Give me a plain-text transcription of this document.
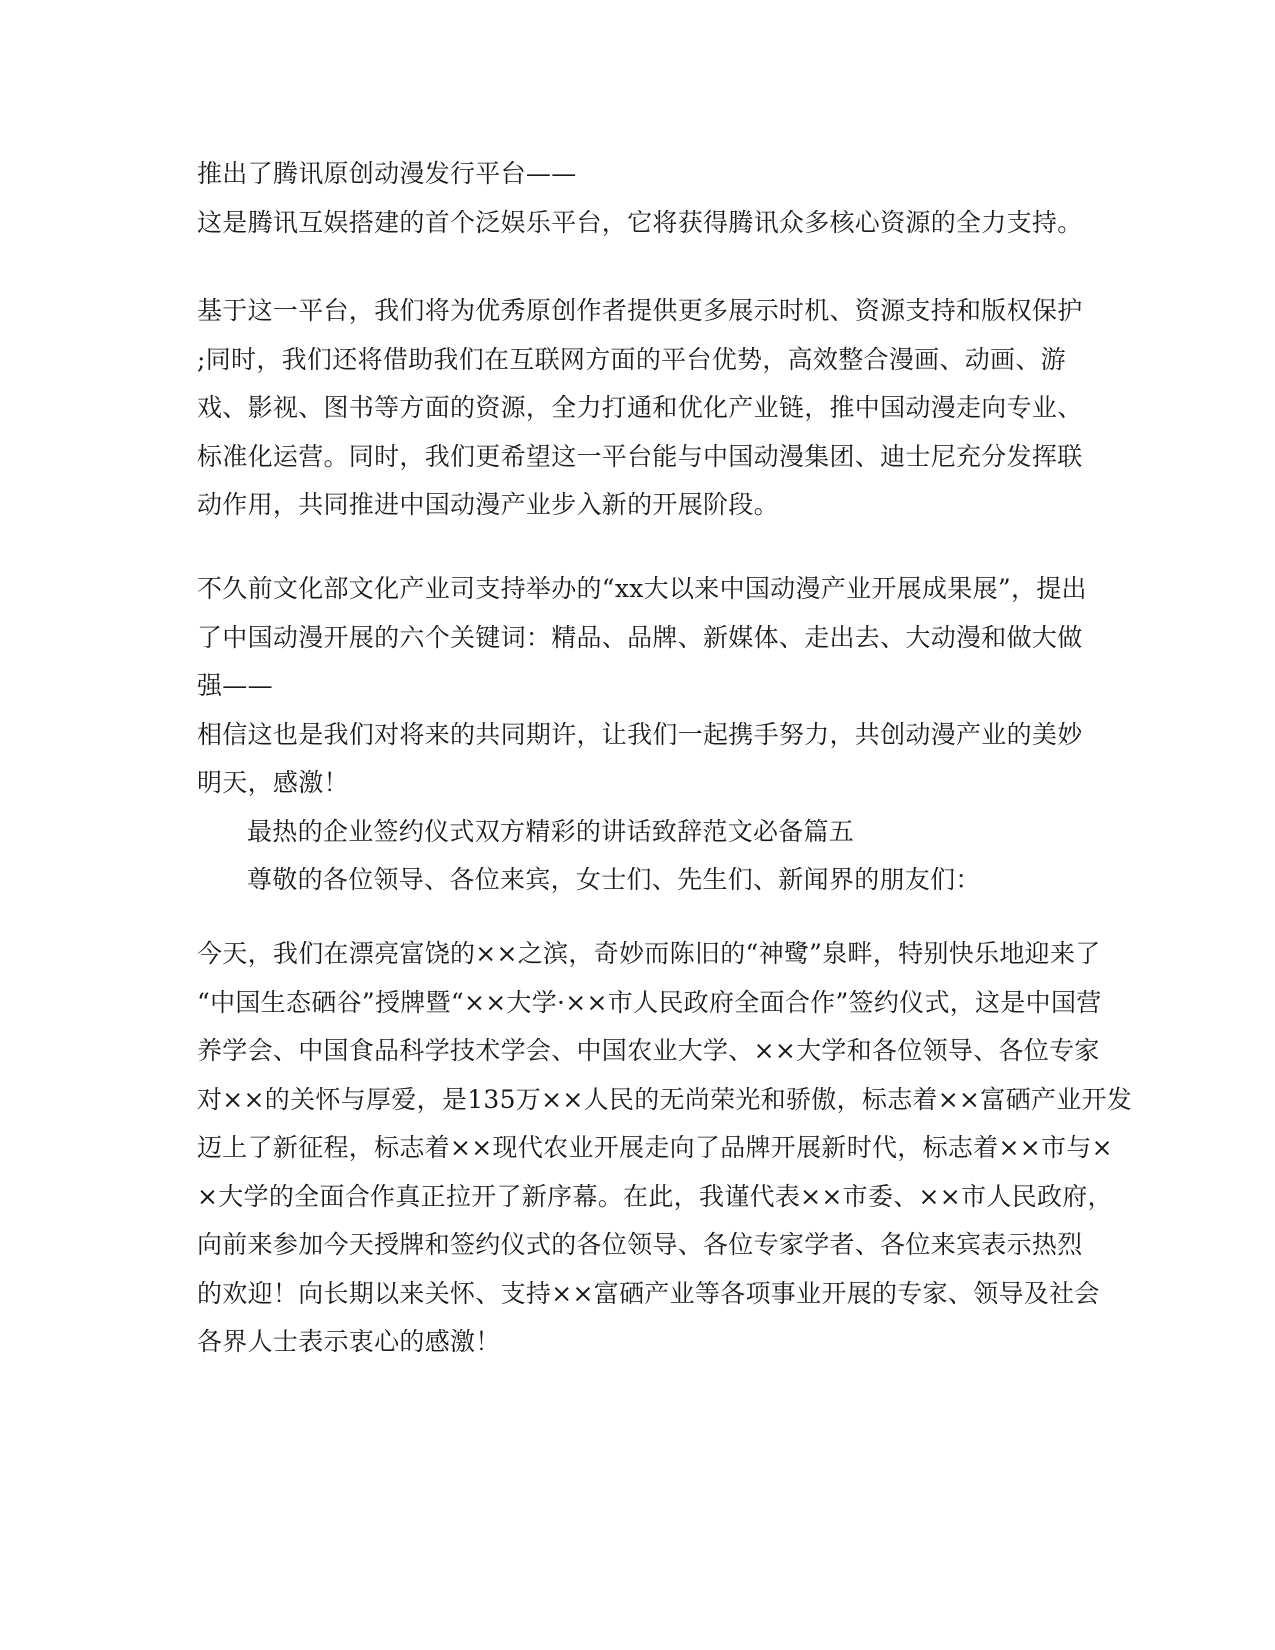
推出了腾讯原创动漫发行平台——
这是腾讯互娱搭建的首个泛娱乐平台，它将获得腾讯众多核心资源的全力支持。
基于这一平台，我们将为优秀原创作者提供更多展示时机、资源支持和版权保护
;同时，我们还将借助我们在互联网方面的平台优势，高效整合漫画、动画、游
戏、影视、图书等方面的资源，全力打通和优化产业链，推中国动漫走向专业、
标准化运营。同时，我们更希望这一平台能与中国动漫集团、迪士尼充分发挥联
动作用，共同推进中国动漫产业步入新的开展阶段。
不久前文化部文化产业司支持举办的“xx大以来中国动漫产业开展成果展”，提出
了中国动漫开展的六个关键词：精品、品牌、新媒体、走出去、大动漫和做大做
强——
相信这也是我们对将来的共同期许，让我们一起携手努力，共创动漫产业的美妙
明天，感激！
最热的企业签约仪式双方精彩的讲话致辞范文必备篇五
尊敬的各位领导、各位来宾，女士们、先生们、新闻界的朋友们：
今天，我们在漂亮富饶的××之滨，奇妙而陈旧的“神鹭”泉畔，特别快乐地迎来了
“中国生态硒谷”授牌暨“××大学·××市人民政府全面合作”签约仪式，这是中国营
养学会、中国食品科学技术学会、中国农业大学、××大学和各位领导、各位专家
对××的关怀与厚爱，是135万××人民的无尚荣光和骄傲，标志着××富硒产业开发
迈上了新征程，标志着××现代农业开展走向了品牌开展新时代，标志着××市与×
×大学的全面合作真正拉开了新序幕。在此，我谨代表××市委、××市人民政府，
向前来参加今天授牌和签约仪式的各位领导、各位专家学者、各位来宾表示热烈
的欢迎！向长期以来关怀、支持××富硒产业等各项事业开展的专家、领导及社会
各界人士表示衷心的感激！
